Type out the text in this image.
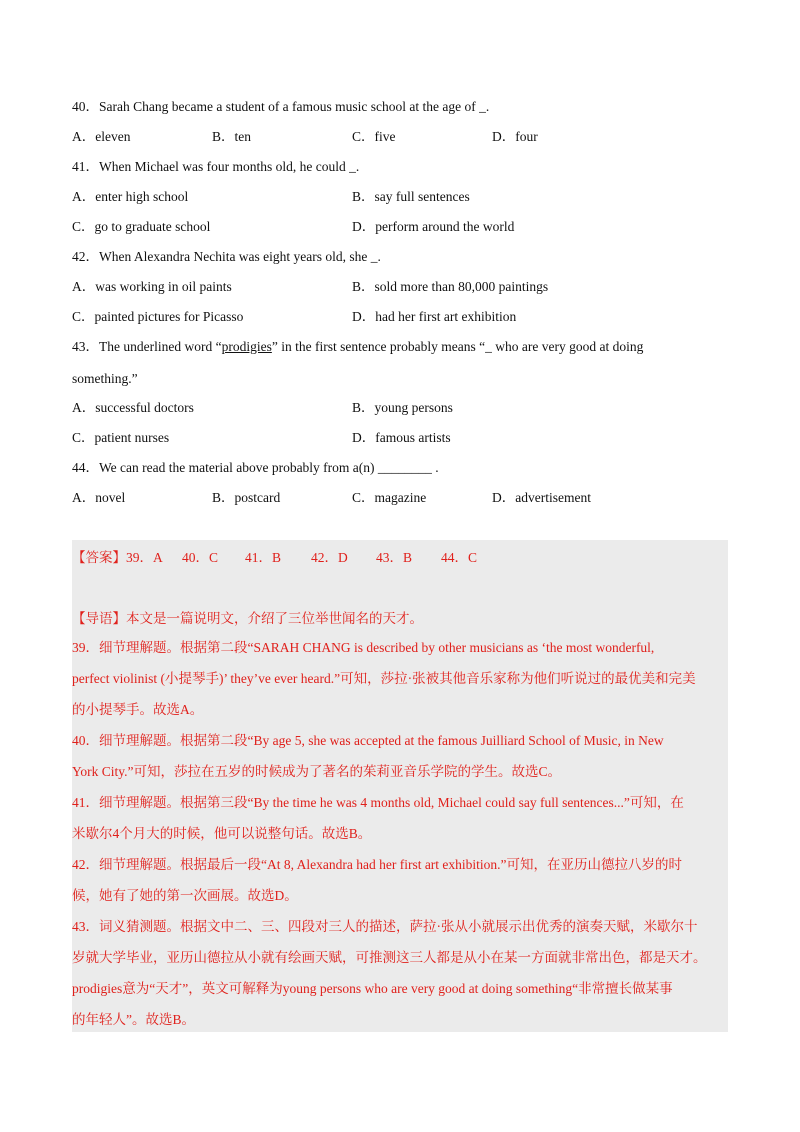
40．Sarah Chang became a student of a famous music school at the age of _.
A．eleven	B．ten	C．five	D．four
41．When Michael was four months old, he could _.
A．enter high school	B．say full sentences
C．go to graduate school	D．perform around the world
42．When Alexandra Nechita was eight years old, she _.
A．was working in oil paints	B．sold more than 80,000 paintings
C．painted pictures for Picasso	D．had her first art exhibition
43．The underlined word “prodigies” in the first sentence probably means “_ who are very good at doing
something.”
A．successful doctors	B．young persons
C．patient nurses	D．famous artists
44．We can read the material above probably from a(n) ________ .
A．novel	B．postcard	C．magazine	D．advertisement
【答案】39．A 40．C 41．B 42．D 43．B 44．C
【导语】本文是一篇说明文，介绍了三位举世闻名的天才。
39．细节理解题。根据第二段“SARAH CHANG is described by other musicians as ‘the most wonderful,
perfect violinist (小提琴手)’ they’ve ever heard.”可知，莎拉·张被其他音乐家称为他们听说过的最优美和完美
的小提琴手。故选A。
40．细节理解题。根据第二段“By age 5, she was accepted at the famous Juilliard School of Music, in New
York City.”可知，莎拉在五岁的时候成为了著名的茱莉亚音乐学院的学生。故选C。
41．细节理解题。根据第三段“By the time he was 4 months old, Michael could say full sentences...”可知，在
米歇尔4个月大的时候，他可以说整句话。故选B。
42．细节理解题。根据最后一段“At 8, Alexandra had her first art exhibition.”可知，在亚历山德拉八岁的时
候，她有了她的第一次画展。故选D。
43．词义猜测题。根据文中二、三、四段对三人的描述，萨拉·张从小就展示出优秀的演奏天赋，米歇尔十
岁就大学毕业，亚历山德拉从小就有绘画天赋，可推测这三人都是从小在某一方面就非常出色，都是天才。
prodigies意为“天才”，英文可解释为young persons who are very good at doing something“非常擅长做某事
的年轻人”。故选B。
